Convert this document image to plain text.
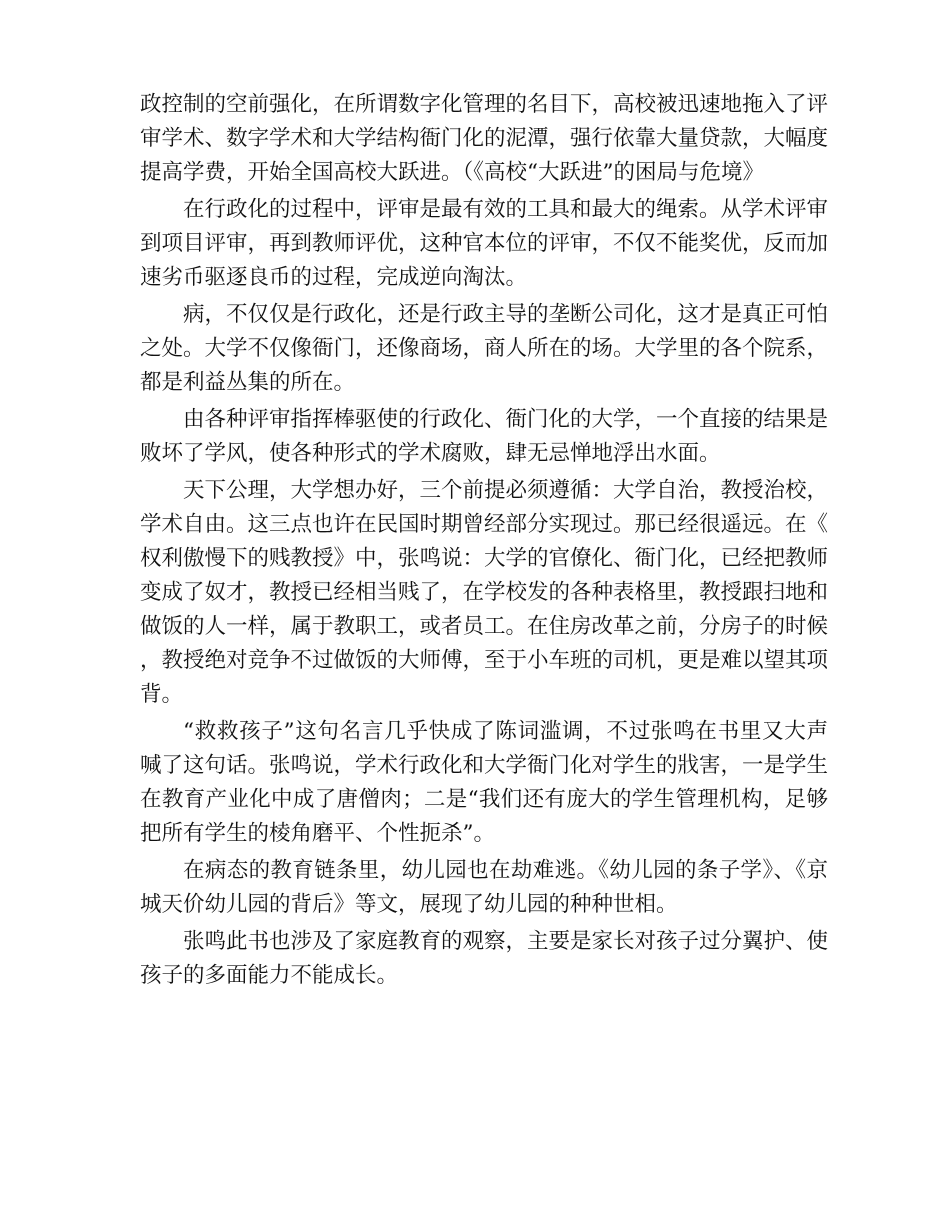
政控制的空前强化，在所谓数字化管理的名目下，高校被迅速地拖入了评审学术、数字学术和大学结构衙门化的泥潭，强行依靠大量贷款，大幅度提高学费，开始全国高校大跃进。（《高校“大跃进”的困局与危境》

在行政化的过程中，评审是最有效的工具和最大的绳索。从学术评审到项目评审，再到教师评优，这种官本位的评审，不仅不能奖优，反而加速劣币驱逐良币的过程，完成逆向淘汰。

病，不仅仅是行政化，还是行政主导的垄断公司化，这才是真正可怕之处。大学不仅像衙门，还像商场，商人所在的场。大学里的各个院系，都是利益丛集的所在。

由各种评审指挥棒驱使的行政化、衙门化的大学，一个直接的结果是败坏了学风，使各种形式的学术腐败，肆无忌惮地浮出水面。

天下公理，大学想办好，三个前提必须遵循：大学自治，教授治校，学术自由。这三点也许在民国时期曾经部分实现过。那已经很遥远。在《权利傲慢下的贱教授》中，张鸣说：大学的官僚化、衙门化，已经把教师变成了奴才，教授已经相当贱了，在学校发的各种表格里，教授跟扫地和做饭的人一样，属于教职工，或者员工。在住房改革之前，分房子的时候，教授绝对竞争不过做饭的大师傅，至于小车班的司机，更是难以望其项背。

“救救孩子”这句名言几乎快成了陈词滥调，不过张鸣在书里又大声喊了这句话。张鸣说，学术行政化和大学衙门化对学生的戕害，一是学生在教育产业化中成了唐僧肉；二是“我们还有庞大的学生管理机构，足够把所有学生的棱角磨平、个性扼杀”。

在病态的教育链条里，幼儿园也在劫难逃。《幼儿园的条子学》、《京城天价幼儿园的背后》等文，展现了幼儿园的种种世相。

张鸣此书也涉及了家庭教育的观察，主要是家长对孩子过分翼护、使孩子的多面能力不能成长。
